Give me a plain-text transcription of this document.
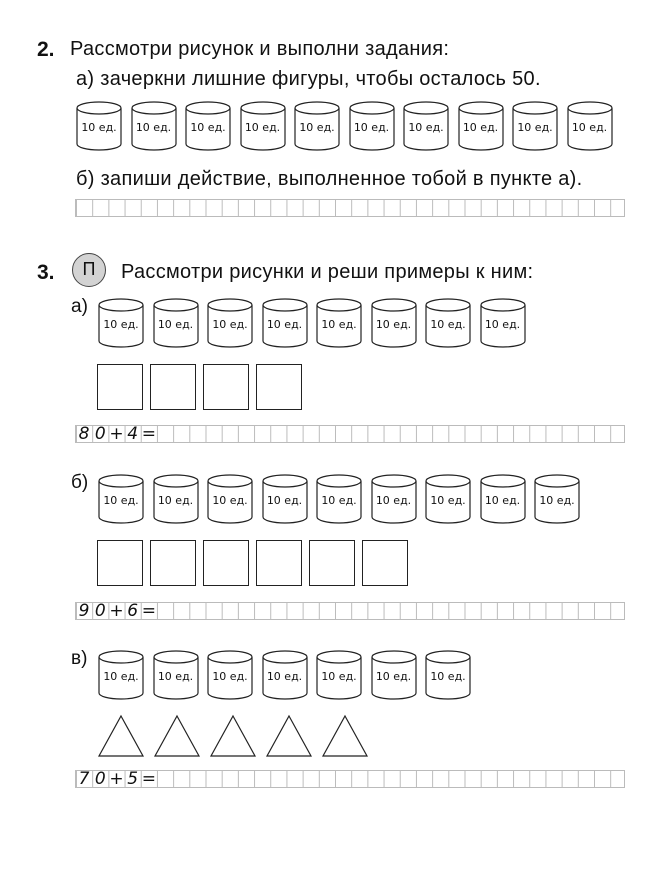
2. Рассмотри рисунок и выполни задания:
а) зачеркни лишние фигуры, чтобы осталось 50.
10 ед.	10 ед.	10 ед.	10 ед.	10 ед.	10 ед.	10 ед.	10 ед.	10 ед.	10 ед.
б) запиши действие, выполненное тобой в пункте а).
3.	П	Рассмотри рисунки и реши примеры к ним:
а)
10 ед.	10 ед.	10 ед.	10 ед.	10 ед.	10 ед.	10 ед.	10 ед.
8 0 + 4 =
б)
10 ед.	10 ед.	10 ед.	10 ед.	10 ед.	10 ед.	10 ед.	10 ед.	10 ед.
9 0 + 6 =
в)
10 ед.	10 ед.	10 ед.	10 ед.	10 ед.	10 ед.	10 ед.
7 0 + 5 =
